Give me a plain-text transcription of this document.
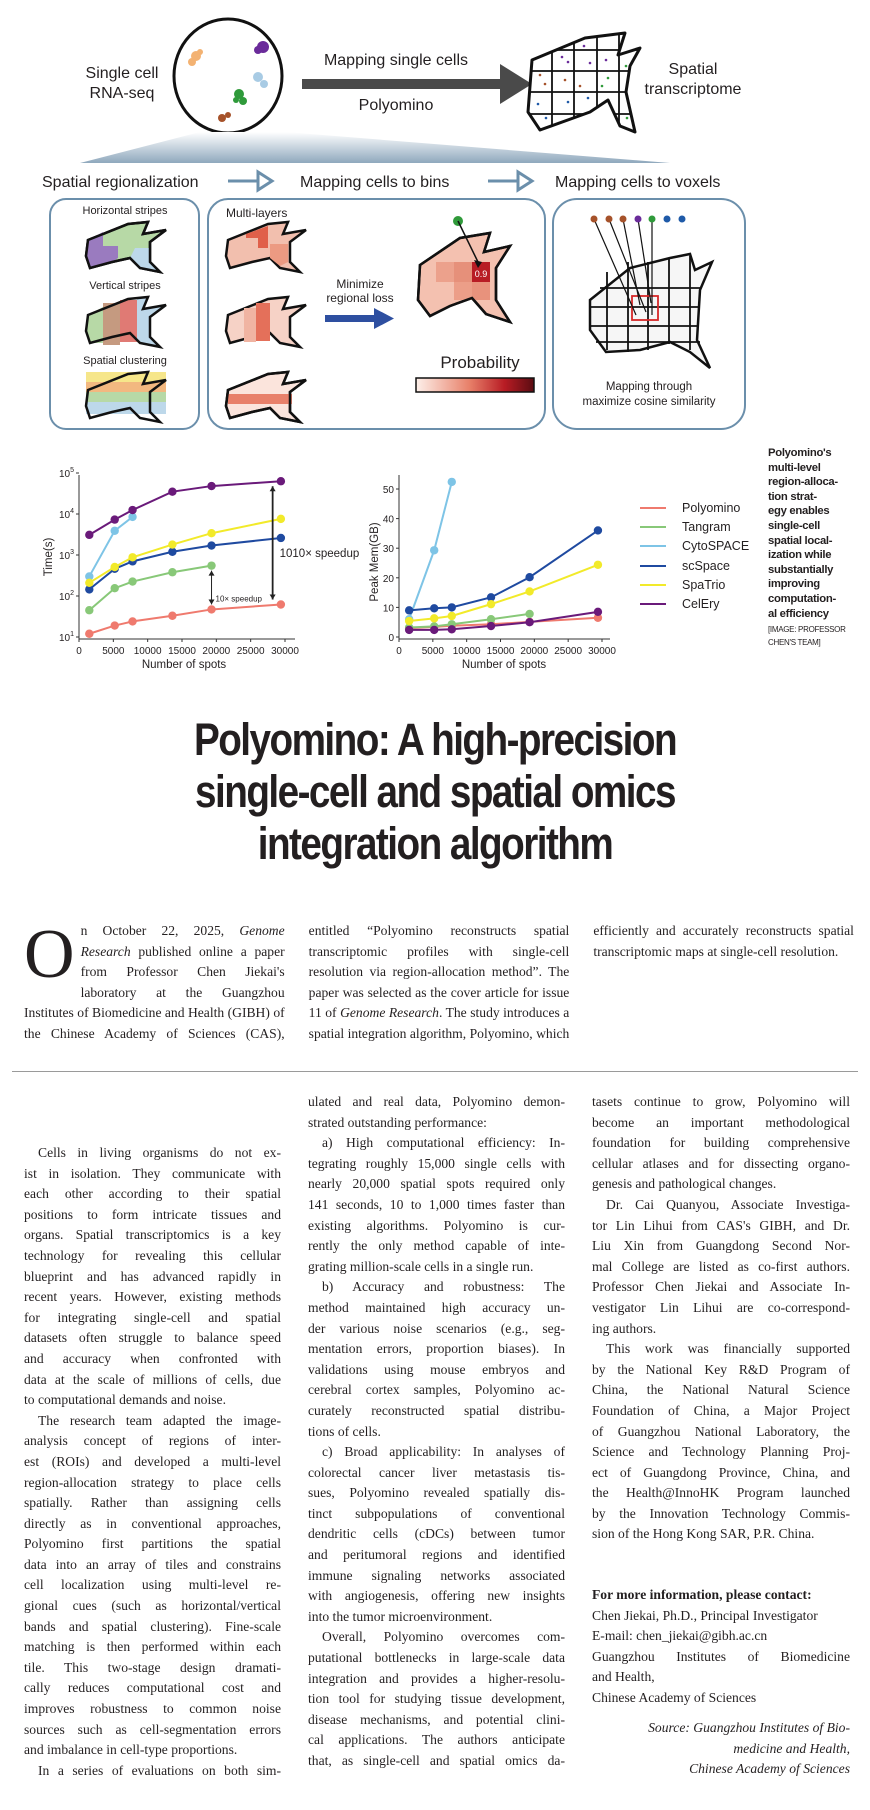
Single cell
RNA-seq
Mapping single cells
Polyomino
Spatial
transcriptome
Spatial regionalization	Mapping cells to bins	Mapping cells to voxels
Horizontal stripes
Vertical stripes
Spatial clustering
Multi-layers
Minimize
regional loss
0.9
Probability
Mapping through
maximize cosine similarity
$10^1$
$10^2$
$10^3$
$10^4$
$10^5$
0 5000 10000 15000 20000 25000 30000
Time(s)
Number of spots
10× speedup
1010× speedup
0
10
20
30
40
50
0 5000 10000 15000 20000 25000 30000
Peak Mem(GB)
Number of spots
Polyomino
Tangram
CytoSPACE
scSpace
SpaTrio
CelEry
Polyomino's
multi-level
region-alloca-
tion strat-
egy enables
single-cell
spatial local-
ization while
substantially
improving
computation-
al efficiency
[IMAGE: PROFESSOR
CHEN'S TEAM]
Polyomino: A high-precision
single-cell and spatial omics
integration algorithm
On October 22, 2025, Genome Research published online a paper from Professor Chen Jiekai's laboratory at the Guangzhou Institutes of Biomedicine and Health (GIBH) of the Chinese Academy of Sciences (CAS), entitled “Polyomino reconstructs spatial transcriptomic profiles with single-cell resolution via region-allocation method”. The paper was selected as the cover article for issue 11 of Genome Research. The study introduces a spatial integration algorithm, Polyomino, which efficiently and accurately reconstructs spatial transcriptomic maps at single-cell resolution.
Cells in living organisms do not ex-
ist in isolation. They communicate with
each other according to their spatial
positions to form intricate tissues and
organs. Spatial transcriptomics is a key
technology for revealing this cellular
blueprint and has advanced rapidly in
recent years. However, existing methods
for integrating single-cell and spatial
datasets often struggle to balance speed
and accuracy when confronted with
data at the scale of millions of cells, due
to computational demands and noise.
The research team adapted the image-
analysis concept of regions of inter-
est (ROIs) and developed a multi-level
region-allocation strategy to place cells
spatially. Rather than assigning cells
directly as in conventional approaches,
Polyomino first partitions the spatial
data into an array of tiles and constrains
cell localization using multi-level re-
gional cues (such as horizontal/vertical
bands and spatial clustering). Fine-scale
matching is then performed within each
tile. This two-stage design dramati-
cally reduces computational cost and
improves robustness to common noise
sources such as cell-segmentation errors
and imbalance in cell-type proportions.
In a series of evaluations on both sim-
ulated and real data, Polyomino demon-
strated outstanding performance:
a) High computational efficiency: In-
tegrating roughly 15,000 single cells with
nearly 20,000 spatial spots required only
141 seconds, 10 to 1,000 times faster than
existing algorithms. Polyomino is cur-
rently the only method capable of inte-
grating million-scale cells in a single run.
b) Accuracy and robustness: The
method maintained high accuracy un-
der various noise scenarios (e.g., seg-
mentation errors, proportion biases). In
validations using mouse embryos and
cerebral cortex samples, Polyomino ac-
curately reconstructed spatial distribu-
tions of cells.
c) Broad applicability: In analyses of
colorectal cancer liver metastasis tis-
sues, Polyomino revealed spatially dis-
tinct subpopulations of conventional
dendritic cells (cDCs) between tumor
and peritumoral regions and identified
immune signaling networks associated
with angiogenesis, offering new insights
into the tumor microenvironment.
Overall, Polyomino overcomes com-
putational bottlenecks in large-scale data
integration and provides a higher-resolu-
tion tool for studying tissue development,
disease mechanisms, and potential clini-
cal applications. The authors anticipate
that, as single-cell and spatial omics da-
tasets continue to grow, Polyomino will
become an important methodological
foundation for building comprehensive
cellular atlases and for dissecting organo-
genesis and pathological changes.
Dr. Cai Quanyou, Associate Investiga-
tor Lin Lihui from CAS's GIBH, and Dr.
Liu Xin from Guangdong Second Nor-
mal College are listed as co-first authors.
Professor Chen Jiekai and Associate In-
vestigator Lin Lihui are co-correspond-
ing authors.
This work was financially supported
by the National Key R&D Program of
China, the National Natural Science
Foundation of China, a Major Project
of Guangzhou National Laboratory, the
Science and Technology Planning Proj-
ect of Guangdong Province, China, and
the Health@InnoHK Program launched
by the Innovation Technology Commis-
sion of the Hong Kong SAR, P.R. China.
For more information, please contact:
Chen Jiekai, Ph.D., Principal Investigator
E-mail: chen_jiekai@gibh.ac.cn
Guangzhou Institutes of Biomedicine
and Health,
Chinese Academy of Sciences
Source: Guangzhou Institutes of Bio-
medicine and Health,
Chinese Academy of Sciences
